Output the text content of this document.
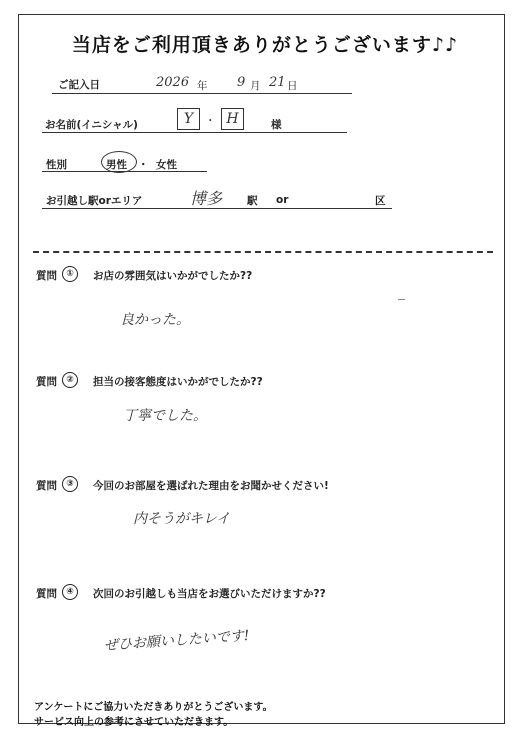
当店をご利用頂きありがとうございます♪♪
ご記入日	2026 年 9 月 21 日
お名前(イニシャル)	Y	・ H	様
性別	男性 ・ 女性
お引越し駅orエリア	博多 駅 or	区
質問	①	お店の雰囲気はいかがでしたか??
良かった。
質問	②	担当の接客態度はいかがでしたか??
丁寧でした。
質問	③	今回のお部屋を選ばれた理由をお聞かせください!
内そうがキレイ
質問	④	次回のお引越しも当店をお選びいただけますか??
ぜひお願いしたいです!
アンケートにご協力いただきありがとうございます。
サービス向上の参考にさせていただきます。
